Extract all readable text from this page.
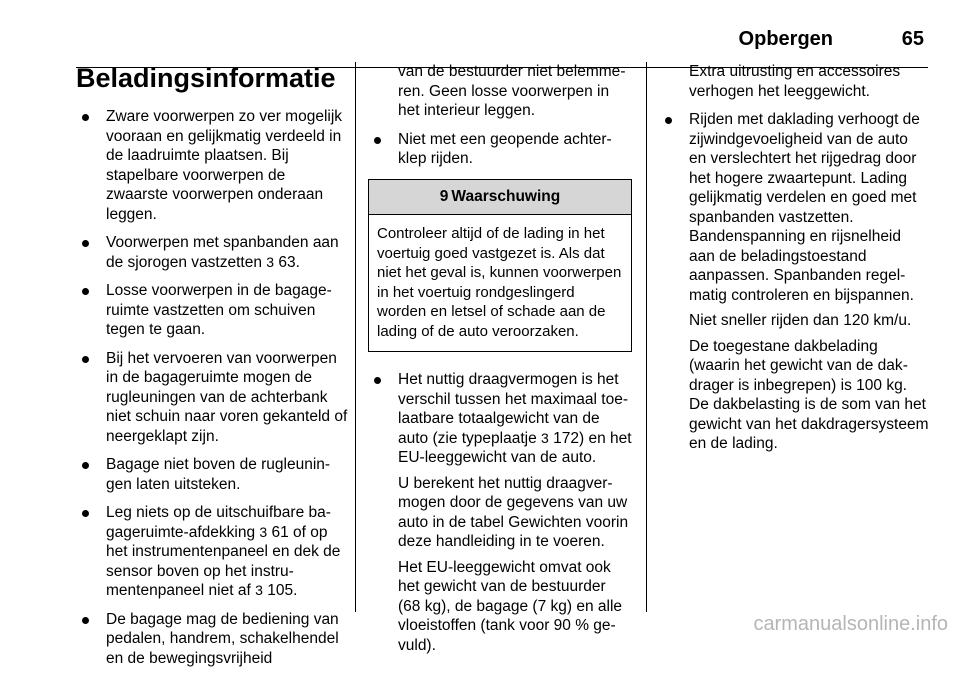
Opbergen	65
Beladingsinformatie
Zware voorwerpen zo ver mogelijk vooraan en gelijkmatig verdeeld in de laadruimte plaatsen. Bij stapelbare voorwerpen de zwaarste voorwerpen onderaan leggen.
Voorwerpen met spanbanden aan de sjorogen vastzetten 3 63.
Losse voorwerpen in de bagageruimte vastzetten om schuiven tegen te gaan.
Bij het vervoeren van voorwerpen in de bagageruimte mogen de rugleuningen van de achterbank niet schuin naar voren gekanteld of neergeklapt zijn.
Bagage niet boven de rugleuningen laten uitsteken.
Leg niets op de uitschuifbare bagageruimte-afdekking 3 61 of op het instrumentenpaneel en dek de sensor boven op het instrumentenpaneel niet af 3 105.
De bagage mag de bediening van pedalen, handrem, schakelhendel en de bewegingsvrijheid
van de bestuurder niet belemmeren. Geen losse voorwerpen in het interieur leggen.
Niet met een geopende achterklep rijden.
9 Waarschuwing
Controleer altijd of de lading in het voertuig goed vastgezet is. Als dat niet het geval is, kunnen voorwerpen in het voertuig rondgeslingerd worden en letsel of schade aan de lading of de auto veroorzaken.
Het nuttig draagvermogen is het verschil tussen het maximaal toelaatbare totaalgewicht van de auto (zie typeplaatje 3 172) en het EU-leeggewicht van de auto.
U berekent het nuttig draagvermogen door de gegevens van uw auto in de tabel Gewichten voorin deze handleiding in te voeren.
Het EU-leeggewicht omvat ook het gewicht van de bestuurder (68 kg), de bagage (7 kg) en alle vloeistoffen (tank voor 90 % gevuld).
Extra uitrusting en accessoires verhogen het leeggewicht.
Rijden met daklading verhoogt de zijwindgevoeligheid van de auto en verslechtert het rijgedrag door het hogere zwaartepunt. Lading gelijkmatig verdelen en goed met spanbanden vastzetten. Bandenspanning en rijsnelheid aan de beladingstoestand aanpassen. Spanbanden regelmatig controleren en bijspannen.
Niet sneller rijden dan 120 km/u.
De toegestane dakbelading (waarin het gewicht van de dakdrager is inbegrepen) is 100 kg. De dakbelasting is de som van het gewicht van het dakdragersysteem en de lading.
carmanualsonline.info
